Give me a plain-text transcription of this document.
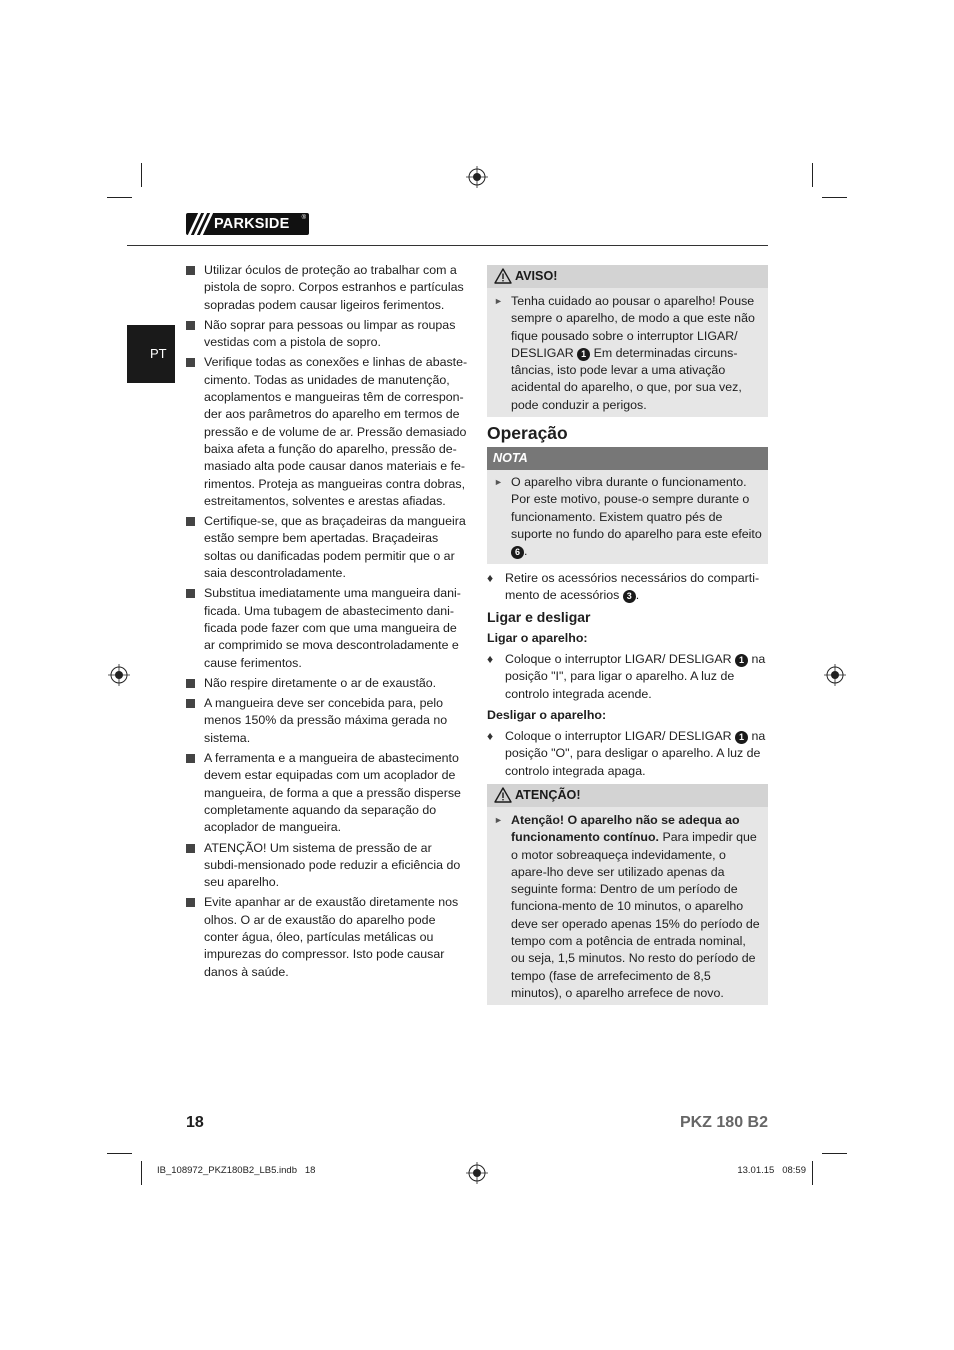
PARKSIDE ®
PT
Utilizar óculos de proteção ao trabalhar com a pistola de sopro. Corpos estranhos e partículas sopradas podem causar ligeiros ferimentos.
Não soprar para pessoas ou limpar as roupas vestidas com a pistola de sopro.
Verifique todas as conexões e linhas de abaste-cimento. Todas as unidades de manutenção, acoplamentos e mangueiras têm de correspon-der aos parâmetros do aparelho em termos de pressão e de volume de ar. Pressão demasiado baixa afeta a função do aparelho, pressão de-masiado alta pode causar danos materiais e fe-rimentos. Proteja as mangueiras contra dobras, estreitamentos, solventes e arestas afiadas.
Certifique-se, que as braçadeiras da mangueira estão sempre bem apertadas. Braçadeiras soltas ou danificadas podem permitir que o ar saia descontroladamente.
Substitua imediatamente uma mangueira dani-ficada. Uma tubagem de abastecimento dani-ficada pode fazer com que uma mangueira de ar comprimido se mova descontroladamente e cause ferimentos.
Não respire diretamente o ar de exaustão.
A mangueira deve ser concebida para, pelo menos 150% da pressão máxima gerada no sistema.
A ferramenta e a mangueira de abastecimento devem estar equipadas com um acoplador de mangueira, de forma a que a pressão disperse completamente aquando da separação do acoplador de mangueira.
ATENÇÃO! Um sistema de pressão de ar subdi-mensionado pode reduzir a eficiência do seu aparelho.
Evite apanhar ar de exaustão diretamente nos olhos. O ar de exaustão do aparelho pode conter água, óleo, partículas metálicas ou impurezas do compressor. Isto pode causar danos à saúde.
AVISO!
► Tenha cuidado ao pousar o aparelho! Pouse sempre o aparelho, de modo a que este não fique pousado sobre o interruptor LIGAR/ DESLIGAR 1 Em determinadas circuns-tâncias, isto pode levar a uma ativação acidental do aparelho, o que, por sua vez, pode conduzir a perigos.
Operação
NOTA
► O aparelho vibra durante o funcionamento. Por este motivo, pouse-o sempre durante o funcionamento. Existem quatro pés de suporte no fundo do aparelho para este efeito 6 .
♦ Retire os acessórios necessários do comparti-mento de acessórios 3 .
Ligar e desligar
Ligar o aparelho:
♦ Coloque o interruptor LIGAR/ DESLIGAR 1 na posição "I", para ligar o aparelho. A luz de controlo integrada acende.
Desligar o aparelho:
♦ Coloque o interruptor LIGAR/ DESLIGAR 1 na posição "O", para desligar o aparelho. A luz de controlo integrada apaga.
ATENÇÃO!
► Atenção! O aparelho não se adequa ao funcionamento contínuo. Para impedir que o motor sobreaqueça indevidamente, o apare-lho deve ser utilizado apenas da seguinte forma: Dentro de um período de funciona-mento de 10 minutos, o aparelho deve ser operado apenas 15% do período de tempo com a potência de entrada nominal, ou seja, 1,5 minutos. No resto do período de tempo (fase de arrefecimento de 8,5 minutos), o aparelho arrefece de novo.
18	PKZ 180 B2
IB_108972_PKZ180B2_LB5.indb   18	13.01.15   08:59
